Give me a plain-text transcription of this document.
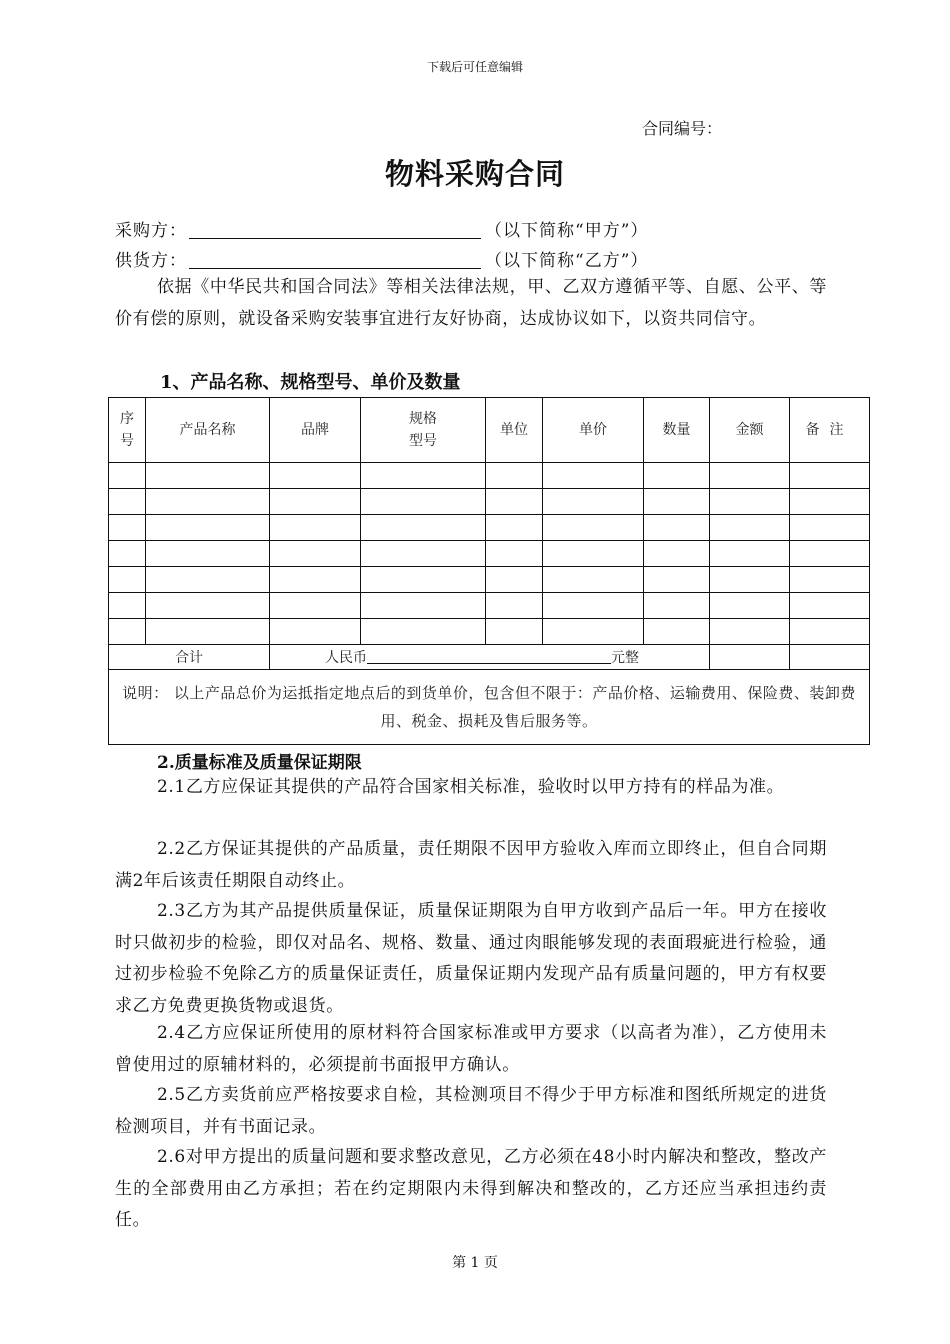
下载后可任意编辑
合同编号：
物料采购合同
采购方：	（以下简称“甲方”）
供货方：	（以下简称“乙方”）
依据《中华民共和国合同法》等相关法律法规，甲、乙双方遵循平等、自愿、公平、等价有偿的原则，就设备采购安装事宜进行友好协商，达成协议如下，以资共同信守。
1、产品名称、规格型号、单价及数量
序号	产品名称	品牌	规格型号	单位	单价	数量	金额	备注

合计		人民币 元整						
说明： 以上产品总价为运抵指定地点后的到货单价，包含但不限于：产品价格、运输费用、保险费、装卸费用、税金、损耗及售后服务等。								
2.质量标准及质量保证期限
2.1乙方应保证其提供的产品符合国家相关标准，验收时以甲方持有的样品为准。
2.2乙方保证其提供的产品质量，责任期限不因甲方验收入库而立即终止，但自合同期满2年后该责任期限自动终止。
2.3乙方为其产品提供质量保证，质量保证期限为自甲方收到产品后一年。甲方在接收时只做初步的检验，即仅对品名、规格、数量、通过肉眼能够发现的表面瑕疵进行检验，通过初步检验不免除乙方的质量保证责任，质量保证期内发现产品有质量问题的，甲方有权要求乙方免费更换货物或退货。
2.4乙方应保证所使用的原材料符合国家标准或甲方要求（以高者为准），乙方使用未曾使用过的原辅材料的，必须提前书面报甲方确认。
2.5乙方卖货前应严格按要求自检，其检测项目不得少于甲方标准和图纸所规定的进货检测项目，并有书面记录。
2.6对甲方提出的质量问题和要求整改意见，乙方必须在48小时内解决和整改，整改产生的全部费用由乙方承担；若在约定期限内未得到解决和整改的，乙方还应当承担违约责任。
第 1 页
